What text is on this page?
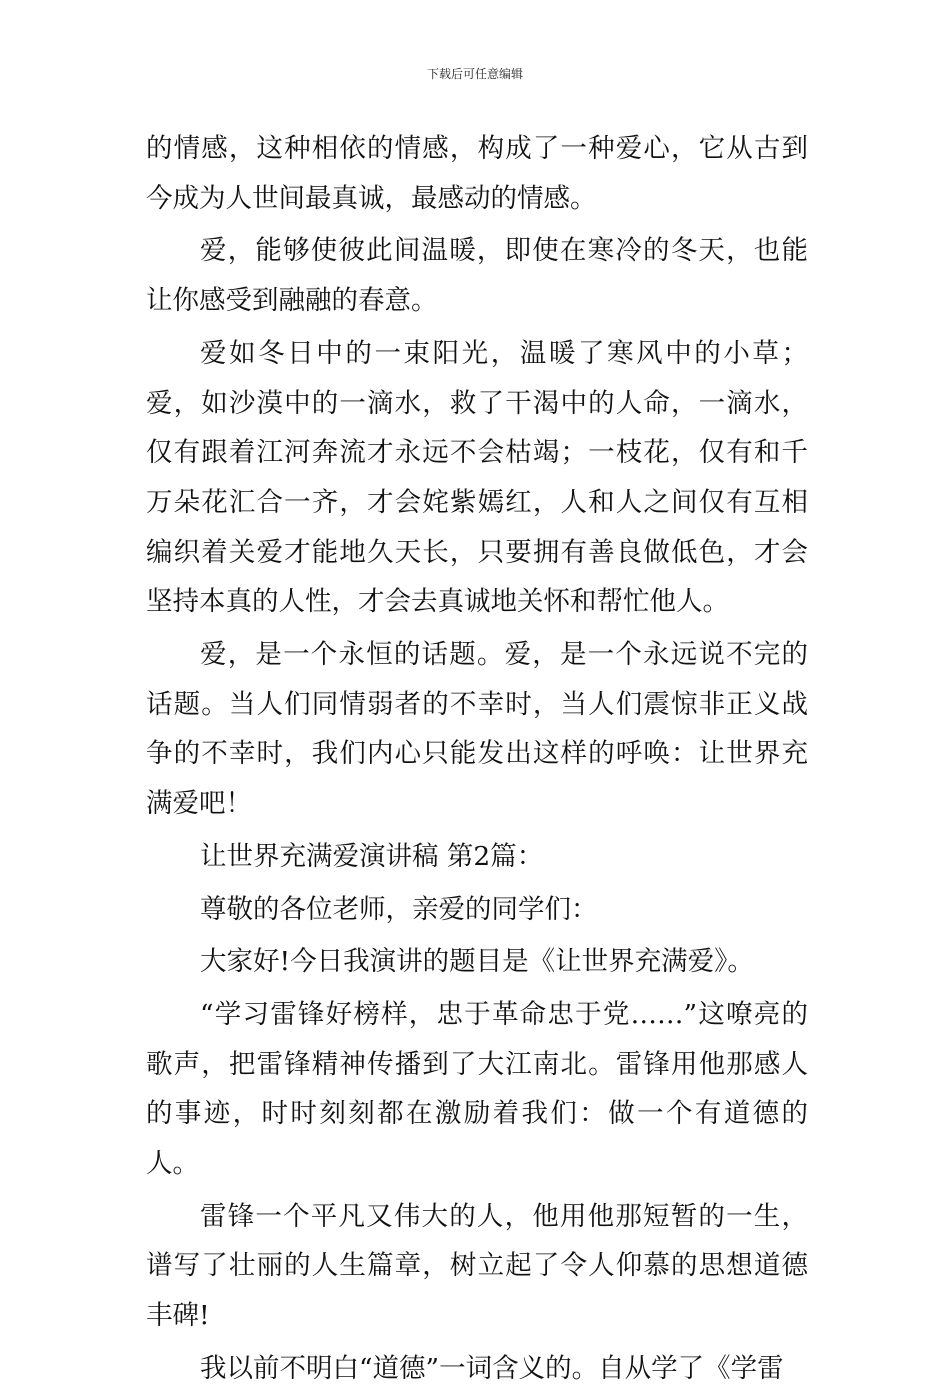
下载后可任意编辑

的情感，这种相依的情感，构成了一种爱心，它从古到今成为人世间最真诚，最感动的情感。

爱，能够使彼此间温暖，即使在寒冷的冬天，也能让你感受到融融的春意。

爱如冬日中的一束阳光，温暖了寒风中的小草；爱，如沙漠中的一滴水，救了干渴中的人命，一滴水，仅有跟着江河奔流才永远不会枯竭；一枝花，仅有和千万朵花汇合一齐，才会姹紫嫣红，人和人之间仅有互相编织着关爱才能地久天长，只要拥有善良做低色，才会坚持本真的人性，才会去真诚地关怀和帮忙他人。

爱，是一个永恒的话题。爱，是一个永远说不完的话题。当人们同情弱者的不幸时，当人们震惊非正义战争的不幸时，我们内心只能发出这样的呼唤：让世界充满爱吧！

让世界充满爱演讲稿 第2篇：

尊敬的各位老师，亲爱的同学们：

大家好!今日我演讲的题目是《让世界充满爱》。

“学习雷锋好榜样，忠于革命忠于党……”这嘹亮的歌声，把雷锋精神传播到了大江南北。雷锋用他那感人的事迹，时时刻刻都在激励着我们：做一个有道德的人。

雷锋一个平凡又伟大的人，他用他那短暂的一生，谱写了壮丽的人生篇章，树立起了令人仰慕的思想道德丰碑!

我以前不明白“道德”一词含义的。自从学了《学雷
